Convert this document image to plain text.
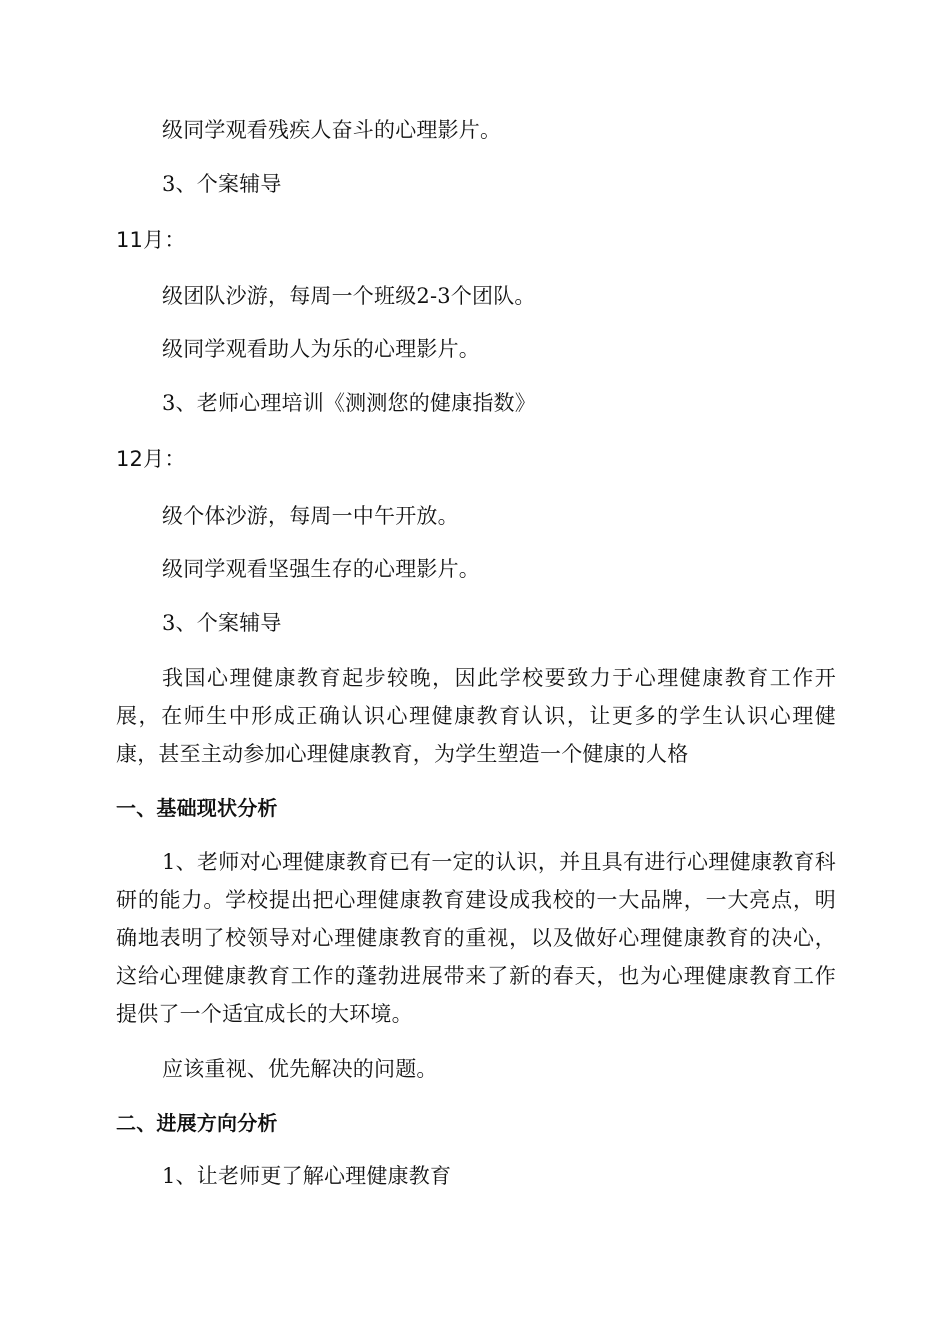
级同学观看残疾人奋斗的心理影片。
3、个案辅导
11月：
级团队沙游，每周一个班级2-3个团队。
级同学观看助人为乐的心理影片。
3、老师心理培训《测测您的健康指数》
12月：
级个体沙游，每周一中午开放。
级同学观看坚强生存的心理影片。
3、个案辅导
我国心理健康教育起步较晚，因此学校要致力于心理健康教育工作开展，在师生中形成正确认识心理健康教育认识，让更多的学生认识心理健康，甚至主动参加心理健康教育，为学生塑造一个健康的人格
一、基础现状分析
1、老师对心理健康教育已有一定的认识，并且具有进行心理健康教育科研的能力。学校提出把心理健康教育建设成我校的一大品牌，一大亮点，明确地表明了校领导对心理健康教育的重视，以及做好心理健康教育的决心，这给心理健康教育工作的蓬勃进展带来了新的春天，也为心理健康教育工作提供了一个适宜成长的大环境。
应该重视、优先解决的问题。
二、进展方向分析
1、让老师更了解心理健康教育
